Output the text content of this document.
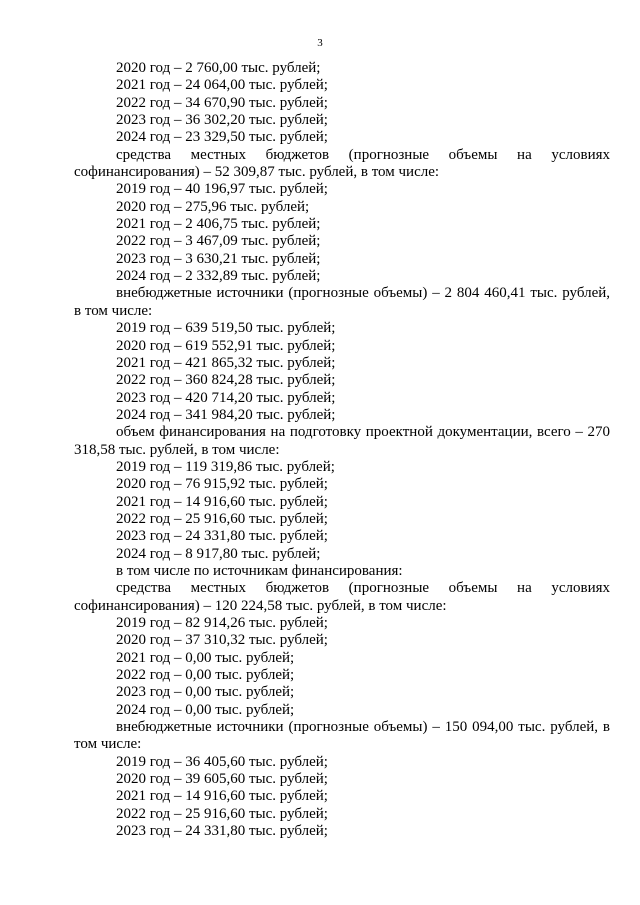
3
2020 год – 2 760,00 тыс. рублей;
2021 год – 24 064,00 тыс. рублей;
2022 год – 34 670,90 тыс. рублей;
2023 год – 36 302,20 тыс. рублей;
2024 год – 23 329,50 тыс. рублей;
средства местных бюджетов (прогнозные объемы на условиях софинансирования) – 52 309,87 тыс. рублей, в том числе:
2019 год – 40 196,97 тыс. рублей;
2020 год – 275,96 тыс. рублей;
2021 год – 2 406,75 тыс. рублей;
2022 год – 3 467,09 тыс. рублей;
2023 год – 3 630,21 тыс. рублей;
2024 год – 2 332,89 тыс. рублей;
внебюджетные источники (прогнозные объемы) – 2 804 460,41 тыс. рублей, в том числе:
2019 год – 639 519,50 тыс. рублей;
2020 год – 619 552,91 тыс. рублей;
2021 год – 421 865,32 тыс. рублей;
2022 год – 360 824,28 тыс. рублей;
2023 год – 420 714,20 тыс. рублей;
2024 год – 341 984,20 тыс. рублей;
объем финансирования на подготовку проектной документации, всего – 270 318,58 тыс. рублей, в том числе:
2019 год – 119 319,86 тыс. рублей;
2020 год – 76 915,92 тыс. рублей;
2021 год – 14 916,60 тыс. рублей;
2022 год – 25 916,60 тыс. рублей;
2023 год – 24 331,80 тыс. рублей;
2024 год – 8 917,80 тыс. рублей;
в том числе по источникам финансирования:
средства местных бюджетов (прогнозные объемы на условиях софинансирования) – 120 224,58 тыс. рублей, в том числе:
2019 год – 82 914,26 тыс. рублей;
2020 год – 37 310,32 тыс. рублей;
2021 год – 0,00 тыс. рублей;
2022 год – 0,00 тыс. рублей;
2023 год – 0,00 тыс. рублей;
2024 год – 0,00 тыс. рублей;
внебюджетные источники (прогнозные объемы) – 150 094,00 тыс. рублей, в том числе:
2019 год – 36 405,60 тыс. рублей;
2020 год – 39 605,60 тыс. рублей;
2021 год – 14 916,60 тыс. рублей;
2022 год – 25 916,60 тыс. рублей;
2023 год – 24 331,80 тыс. рублей;
